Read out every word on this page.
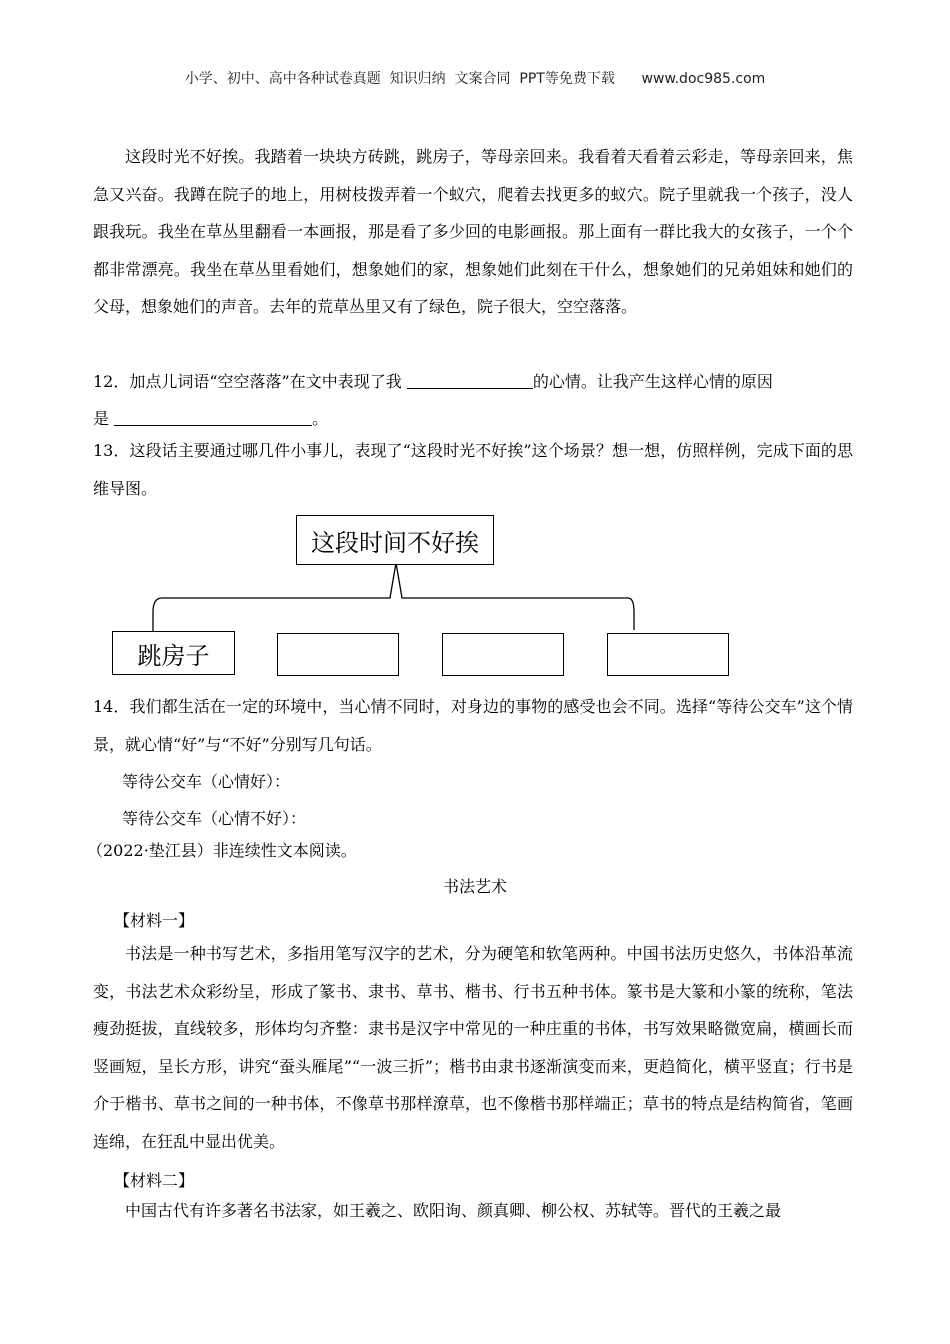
小学、初中、高中各种试卷真题  知识归纳  文案合同  PPT等免费下载      www.doc985.com
这段时光不好挨。我踏着一块块方砖跳，跳房子，等母亲回来。我看着天看着云彩走，等母亲回来，焦急又兴奋。我蹲在院子的地上，用树枝拨弄着一个蚁穴，爬着去找更多的蚁穴。院子里就我一个孩子，没人跟我玩。我坐在草丛里翻看一本画报，那是看了多少回的电影画报。那上面有一群比我大的女孩子，一个个都非常漂亮。我坐在草丛里看她们，想象她们的家，想象她们此刻在干什么，想象她们的兄弟姐妹和她们的父母，想象她们的声音。去年的荒草丛里又有了绿色，院子很大，空空落落。
12．加点儿词语“空空落落”在文中表现了我	的心情。让我产生这样心情的原因
是	。
13．这段话主要通过哪几件小事儿，表现了“这段时光不好挨”这个场景？想一想，仿照样例，完成下面的思维导图。
这段时间不好挨
跳房子
14．我们都生活在一定的环境中，当心情不同时，对身边的事物的感受也会不同。选择“等待公交车”这个情景，就心情“好”与“不好”分别写几句话。
等待公交车（心情好）：
等待公交车（心情不好）：
（2022·垫江县）非连续性文本阅读。
书法艺术
【材料一】
书法是一种书写艺术，多指用笔写汉字的艺术，分为硬笔和软笔两种。中国书法历史悠久，书体沿革流变，书法艺术众彩纷呈，形成了篆书、隶书、草书、楷书、行书五种书体。篆书是大篆和小篆的统称，笔法瘦劲挺拔，直线较多，形体均匀齐整：隶书是汉字中常见的一种庄重的书体，书写效果略微宽扁，横画长而竖画短，呈长方形，讲究“蚕头雁尾”“一波三折”；楷书由隶书逐渐演变而来，更趋简化，横平竖直；行书是介于楷书、草书之间的一种书体，不像草书那样潦草，也不像楷书那样端正；草书的特点是结构简省，笔画连绵，在狂乱中显出优美。
【材料二】
中国古代有许多著名书法家，如王羲之、欧阳询、颜真卿、柳公权、苏轼等。晋代的王羲之最
